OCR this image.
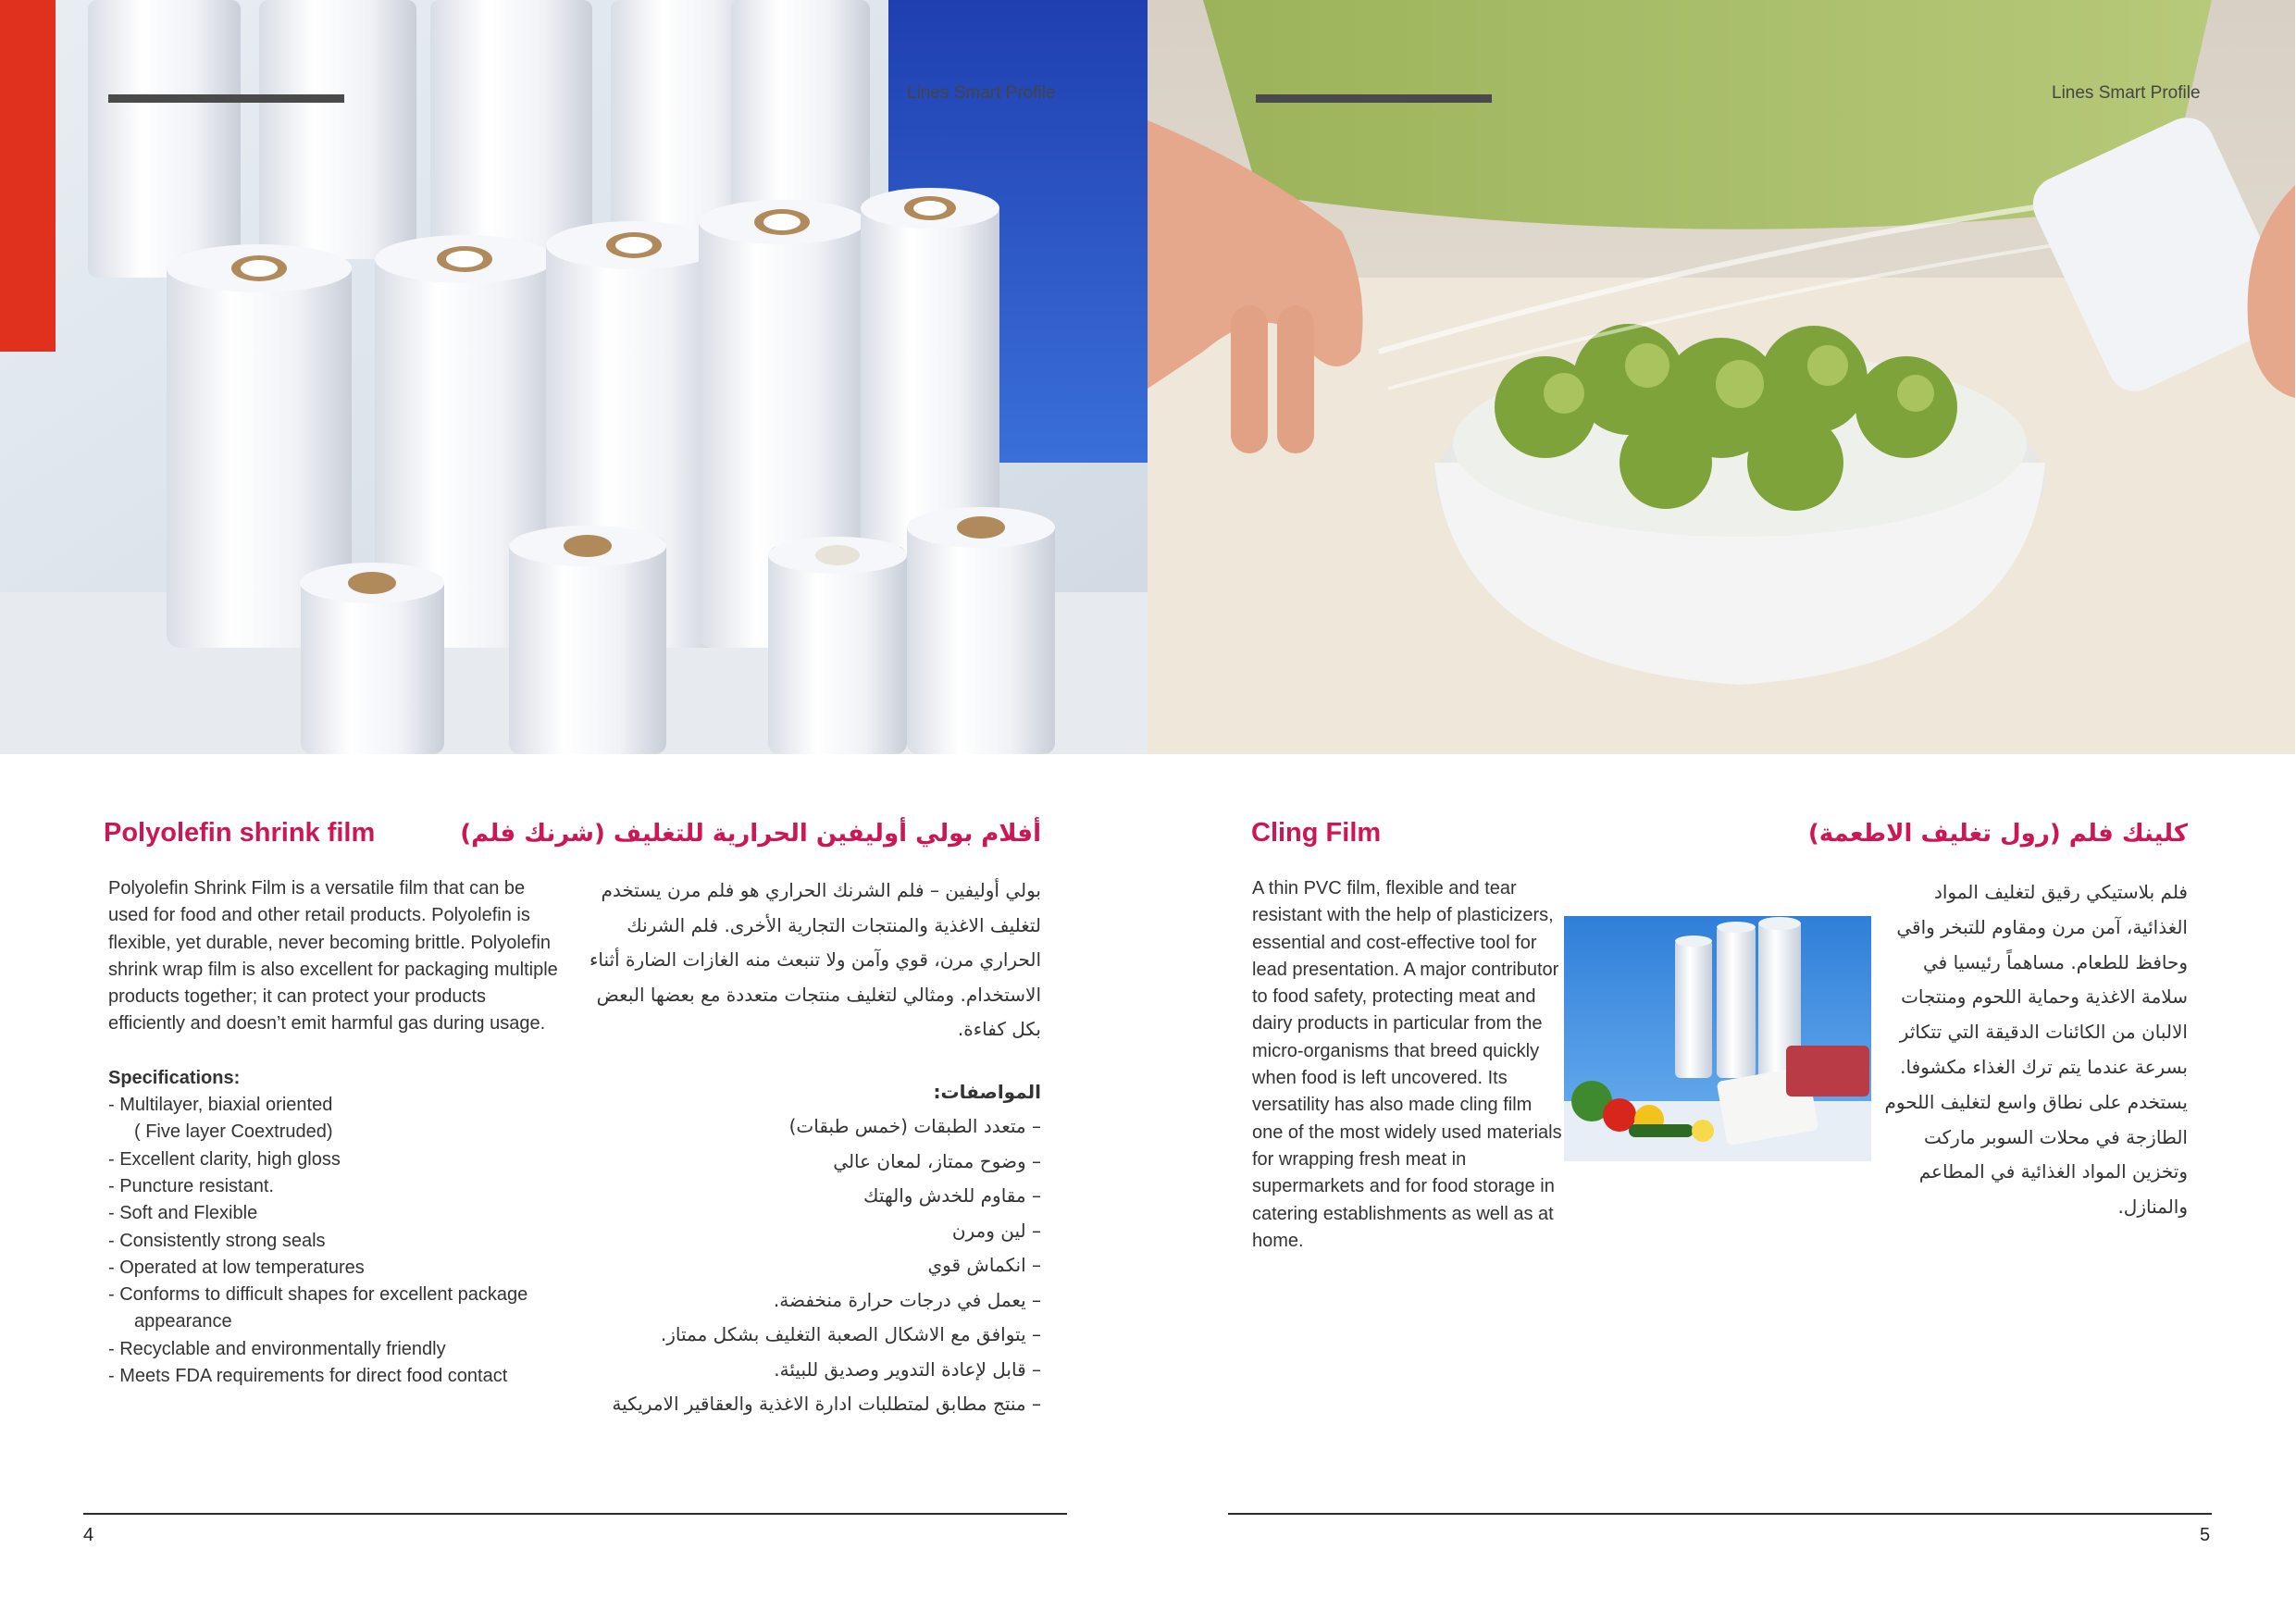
Lines Smart Profile
Polyolefin shrink film	أفلام بولي أوليفين الحرارية للتغليف (شرنك فلم)

Polyolefin Shrink Film is a versatile film that can be used for food and other retail products. Polyolefin is flexible, yet durable, never becoming brittle. Polyolefin shrink wrap film is also excellent for packaging multiple products together; it can protect your products efficiently and doesn’t emit harmful gas during usage.

Specifications:

- Multilayer, biaxial oriented
( Five layer Coextruded)
- Excellent clarity, high gloss
- Puncture resistant.
- Soft and Flexible
- Consistently strong seals
- Operated at low temperatures
- Conforms to difficult shapes for excellent package
appearance
- Recyclable and environmentally friendly
- Meets FDA requirements for direct food contact

بولي أوليفين – فلم الشرنك الحراري هو فلم مرن يستخدم لتغليف الاغذية والمنتجات التجارية الأخرى. فلم الشرنك الحراري مرن، قوي وآمن ولا تنبعث منه الغازات الضارة أثناء الاستخدام. ومثالي لتغليف منتجات متعددة مع بعضها البعض بكل كفاءة.

المواصفات:

– متعدد الطبقات (خمس طبقات)
– وضوح ممتاز، لمعان عالي
– مقاوم للخدش والهتك
– لين ومرن
– انكماش قوي
– يعمل في درجات حرارة منخفضة.
– يتوافق مع الاشكال الصعبة التغليف بشكل ممتاز.
– قابل لإعادة التدوير وصديق للبيئة.
– منتج مطابق لمتطلبات ادارة الاغذية والعقاقير الامريكية
4
Lines Smart Profile
Cling Film	كلينك فلم (رول تغليف الاطعمة)

A thin PVC film, flexible and tear resistant with the help of plasticizers, essential and cost-effective tool for lead presentation. A major contributor to food safety, protecting meat and dairy products in particular from the micro-organisms that breed quickly when food is left uncovered. Its versatility has also made cling film one of the most widely used materials for wrapping fresh meat in supermarkets and for food storage in catering establishments as well as at home.

فلم بلاستيكي رقيق لتغليف المواد الغذائية، آمن مرن ومقاوم للتبخر واقي وحافظ للطعام. مساهماً رئيسيا في سلامة الاغذية وحماية اللحوم ومنتجات الالبان من الكائنات الدقيقة التي تتكاثر بسرعة عندما يتم ترك الغذاء مكشوفا. يستخدم على نطاق واسع لتغليف اللحوم الطازجة في محلات السوبر ماركت وتخزين المواد الغذائية في المطاعم والمنازل.

5
